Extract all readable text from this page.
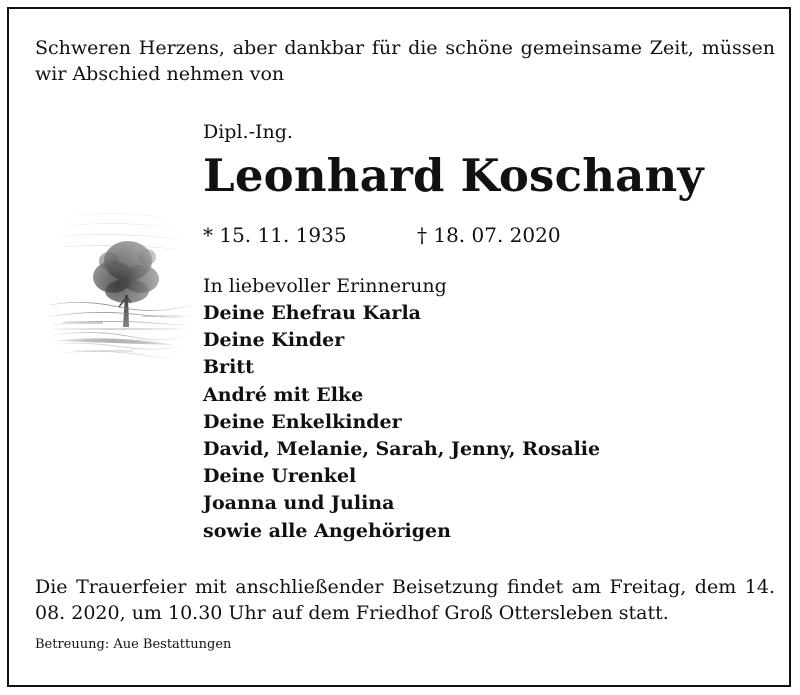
Schweren Herzens, aber dankbar für die schöne gemeinsame Zeit, müssen wir Abschied nehmen von
Dipl.-Ing.
Leonhard Koschany
* 15. 11. 1935	† 18. 07. 2020
In liebevoller Erinnerung
Deine Ehefrau Karla
Deine Kinder
Britt
André mit Elke
Deine Enkelkinder
David, Melanie, Sarah, Jenny, Rosalie
Deine Urenkel
Joanna und Julina
sowie alle Angehörigen
Die Trauerfeier mit anschließender Beisetzung findet am Freitag, dem 14. 08. 2020, um 10.30 Uhr auf dem Friedhof Groß Ottersleben statt.
Betreuung: Aue Bestattungen
